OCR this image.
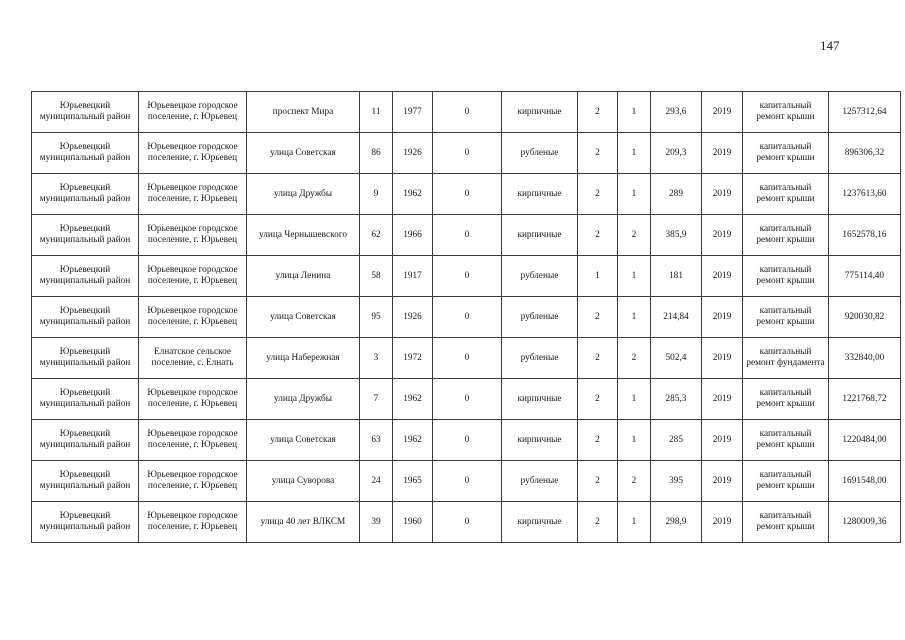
147
Юрьевецкий муниципальный район	Юрьевецкое городское поселение, г. Юрьевец	проспект Мира	11	1977	0	кирпичные	2	1	293,6	2019	капитальный ремонт крыши	1257312,64
Юрьевецкий муниципальный район	Юрьевецкое городское поселение, г. Юрьевец	улица Советская	86	1926	0	рубленые	2	1	209,3	2019	капитальный ремонт крыши	896306,32
Юрьевецкий муниципальный район	Юрьевецкое городское поселение, г. Юрьевец	улица Дружбы	9	1962	0	кирпичные	2	1	289	2019	капитальный ремонт крыши	1237613,60
Юрьевецкий муниципальный район	Юрьевецкое городское поселение, г. Юрьевец	улица Чернышевского	62	1966	0	кирпичные	2	2	385,9	2019	капитальный ремонт крыши	1652578,16
Юрьевецкий муниципальный район	Юрьевецкое городское поселение, г. Юрьевец	улица Ленина	58	1917	0	рубленые	1	1	181	2019	капитальный ремонт крыши	775114,40
Юрьевецкий муниципальный район	Юрьевецкое городское поселение, г. Юрьевец	улица Советская	95	1926	0	рубленые	2	1	214,84	2019	капитальный ремонт крыши	920030,82
Юрьевецкий муниципальный район	Елнатское сельское поселение, с. Елнать	улица Набережная	3	1972	0	рубленые	2	2	502,4	2019	капитальный ремонт фундамента	332840,00
Юрьевецкий муниципальный район	Юрьевецкое городское поселение, г. Юрьевец	улица Дружбы	7	1962	0	кирпичные	2	1	285,3	2019	капитальный ремонт крыши	1221768,72
Юрьевецкий муниципальный район	Юрьевецкое городское поселение, г. Юрьевец	улица Советская	63	1962	0	кирпичные	2	1	285	2019	капитальный ремонт крыши	1220484,00
Юрьевецкий муниципальный район	Юрьевецкое городское поселение, г. Юрьевец	улица Суворова	24	1965	0	рубленые	2	2	395	2019	капитальный ремонт крыши	1691548,00
Юрьевецкий муниципальный район	Юрьевецкое городское поселение, г. Юрьевец	улица 40 лет ВЛКСМ	39	1960	0	кирпичные	2	1	298,9	2019	капитальный ремонт крыши	1280009,36
